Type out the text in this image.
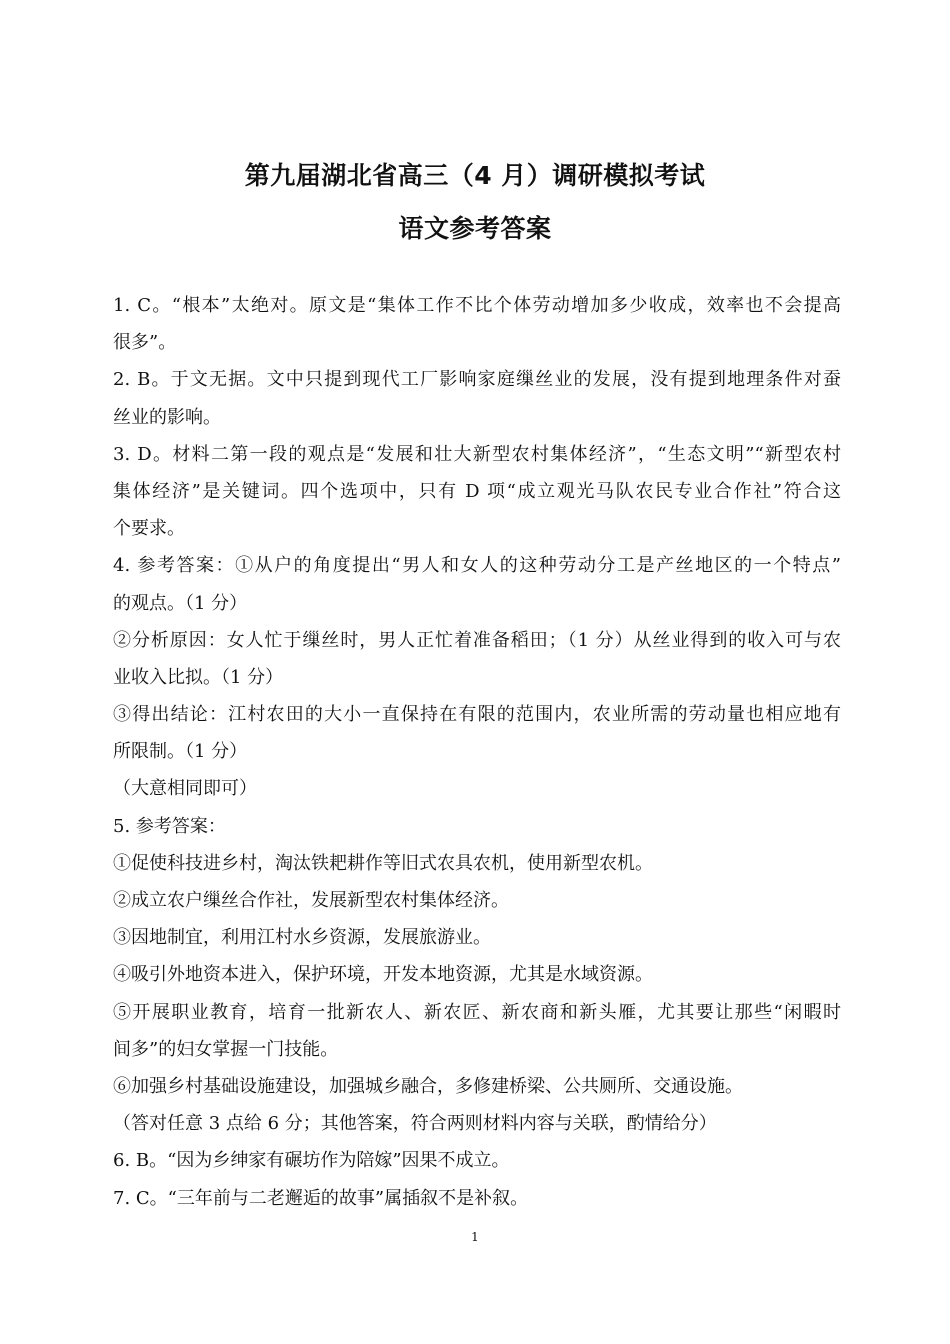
第九届湖北省高三（4 月）调研模拟考试
语文参考答案
1. C。“根本”太绝对。原文是“集体工作不比个体劳动增加多少收成，效率也不会提高
很多”。
2. B。于文无据。文中只提到现代工厂影响家庭缫丝业的发展，没有提到地理条件对蚕
丝业的影响。
3. D。材料二第一段的观点是“发展和壮大新型农村集体经济”，“生态文明”“新型农村
集体经济”是关键词。四个选项中，只有 D 项“成立观光马队农民专业合作社”符合这
个要求。
4. 参考答案：①从户的角度提出“男人和女人的这种劳动分工是产丝地区的一个特点”
的观点。（1 分）
②分析原因：女人忙于缫丝时，男人正忙着准备稻田；（1 分）从丝业得到的收入可与农
业收入比拟。（1 分）
③得出结论：江村农田的大小一直保持在有限的范围内，农业所需的劳动量也相应地有
所限制。（1 分）
（大意相同即可）
5. 参考答案：
①促使科技进乡村，淘汰铁耙耕作等旧式农具农机，使用新型农机。
②成立农户缫丝合作社，发展新型农村集体经济。
③因地制宜，利用江村水乡资源，发展旅游业。
④吸引外地资本进入，保护环境，开发本地资源，尤其是水域资源。
⑤开展职业教育，培育一批新农人、新农匠、新农商和新头雁，尤其要让那些“闲暇时
间多”的妇女掌握一门技能。
⑥加强乡村基础设施建设，加强城乡融合，多修建桥梁、公共厕所、交通设施。
（答对任意 3 点给 6 分；其他答案，符合两则材料内容与关联，酌情给分）
6. B。“因为乡绅家有碾坊作为陪嫁”因果不成立。
7. C。“三年前与二老邂逅的故事”属插叙不是补叙。
1
